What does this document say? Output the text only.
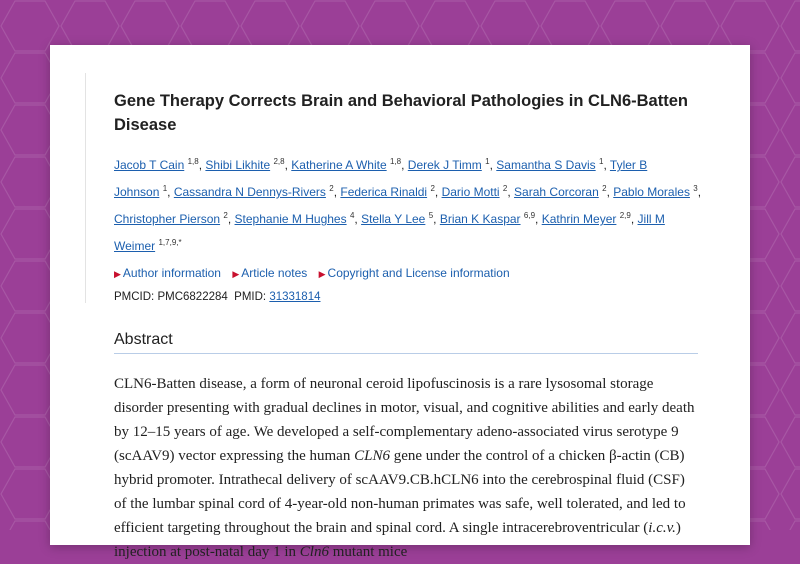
Gene Therapy Corrects Brain and Behavioral Pathologies in CLN6-Batten Disease
Jacob T Cain $^{1,8}$, Shibi Likhite $^{2,8}$, Katherine A White $^{1,8}$, Derek J Timm $^1$, Samantha S Davis $^1$, Tyler B Johnson $^1$, Cassandra N Dennys-Rivers $^2$, Federica Rinaldi $^2$, Dario Motti $^2$, Sarah Corcoran $^2$, Pablo Morales $^3$, Christopher Pierson $^2$, Stephanie M Hughes $^4$, Stella Y Lee $^5$, Brian K Kaspar $^{6,9}$, Kathrin Meyer $^{2,9}$, Jill M Weimer $^{1,7,9,*}$
▶ Author information ▶ Article notes ▶ Copyright and License information
PMCID: PMC6822284 PMID: 31331814
Abstract
CLN6-Batten disease, a form of neuronal ceroid lipofuscinosis is a rare lysosomal storage disorder presenting with gradual declines in motor, visual, and cognitive abilities and early death by 12–15 years of age. We developed a self-complementary adeno-associated virus serotype 9 (scAAV9) vector expressing the human CLN6 gene under the control of a chicken β-actin (CB) hybrid promoter. Intrathecal delivery of scAAV9.CB.hCLN6 into the cerebrospinal fluid (CSF) of the lumbar spinal cord of 4-year-old non-human primates was safe, well tolerated, and led to efficient targeting throughout the brain and spinal cord. A single intracerebroventricular (i.c.v.) injection at post-natal day 1 in Cln6 mutant mice
